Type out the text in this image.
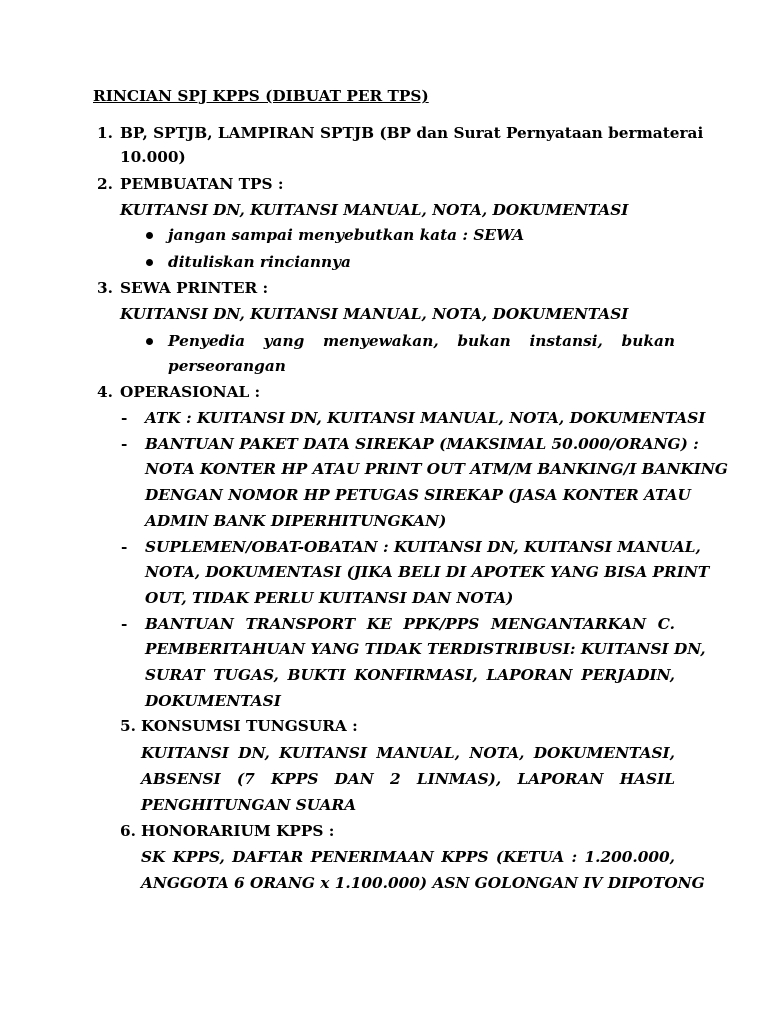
RINCIAN SPJ KPPS (DIBUAT PER TPS)
1. BP, SPTJB, LAMPIRAN SPTJB (BP dan Surat Pernyataan bermaterai
10.000)
2. PEMBUATAN TPS :
KUITANSI DN, KUITANSI MANUAL, NOTA, DOKUMENTASI
jangan sampai menyebutkan kata : SEWA
dituliskan rinciannya
3. SEWA PRINTER :
KUITANSI DN, KUITANSI MANUAL, NOTA, DOKUMENTASI
Penyedia yang menyewakan, bukan instansi, bukan
perseorangan
4. OPERASIONAL :
- ATK : KUITANSI DN, KUITANSI MANUAL, NOTA, DOKUMENTASI
- BANTUAN PAKET DATA SIREKAP (MAKSIMAL 50.000/ORANG) :
NOTA KONTER HP ATAU PRINT OUT ATM/M BANKING/I BANKING
DENGAN NOMOR HP PETUGAS SIREKAP (JASA KONTER ATAU
ADMIN BANK DIPERHITUNGKAN)
- SUPLEMEN/OBAT-OBATAN : KUITANSI DN, KUITANSI MANUAL,
NOTA, DOKUMENTASI (JIKA BELI DI APOTEK YANG BISA PRINT
OUT, TIDAK PERLU KUITANSI DAN NOTA)
- BANTUAN TRANSPORT KE PPK/PPS MENGANTARKAN C.
PEMBERITAHUAN YANG TIDAK TERDISTRIBUSI: KUITANSI DN,
SURAT TUGAS, BUKTI KONFIRMASI, LAPORAN PERJADIN,
DOKUMENTASI
5. KONSUMSI TUNGSURA :
KUITANSI DN, KUITANSI MANUAL, NOTA, DOKUMENTASI,
ABSENSI (7 KPPS DAN 2 LINMAS), LAPORAN HASIL
PENGHITUNGAN SUARA
6. HONORARIUM KPPS :
SK KPPS, DAFTAR PENERIMAAN KPPS (KETUA : 1.200.000,
ANGGOTA 6 ORANG x 1.100.000) ASN GOLONGAN IV DIPOTONG
